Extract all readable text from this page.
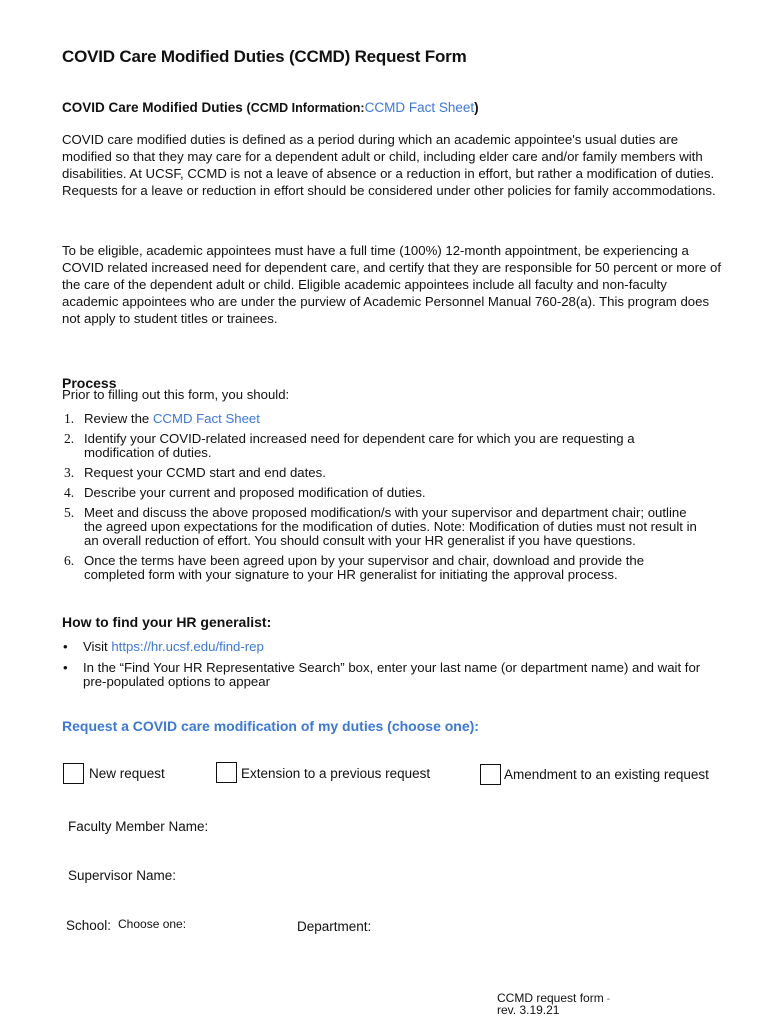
COVID Care Modified Duties (CCMD) Request Form
COVID Care Modified Duties (CCMD Information:CCMD Fact Sheet)

COVID care modified duties is defined as a period during which an academic appointee's usual duties are modified so that they may care for a dependent adult or child, including elder care and/or family members with disabilities. At UCSF, CCMD is not a leave of absence or a reduction in effort, but rather a modification of duties. Requests for a leave or reduction in effort should be considered under other policies for family accommodations.

To be eligible, academic appointees must have a full time (100%) 12-month appointment, be experiencing a COVID related increased need for dependent care, and certify that they are responsible for 50 percent or more of the care of the dependent adult or child. Eligible academic appointees include all faculty and non-faculty academic appointees who are under the purview of Academic Personnel Manual 760-28(a). This program does not apply to student titles or trainees.

Process
Prior to filling out this form, you should:
1. Review the CCMD Fact Sheet
2. Identify your COVID-related increased need for dependent care for which you are requesting a modification of duties.
3. Request your CCMD start and end dates.
4. Describe your current and proposed modification of duties.
5. Meet and discuss the above proposed modification/s with your supervisor and department chair; outline the agreed upon expectations for the modification of duties. Note: Modification of duties must not result in an overall reduction of effort. You should consult with your HR generalist if you have questions.
6. Once the terms have been agreed upon by your supervisor and chair, download and provide the completed form with your signature to your HR generalist for initiating the approval process.
How to find your HR generalist:
• Visit https://hr.ucsf.edu/find-rep
• In the “Find Your HR Representative Search” box, enter your last name (or department name) and wait for pre-populated options to appear
Request a COVID care modification of my duties (choose one):
New request	Extension to a previous request	Amendment to an existing request
Faculty Member Name:
Supervisor Name:
School: Choose one:	Department:
CCMD request form -
rev. 3.19.21
